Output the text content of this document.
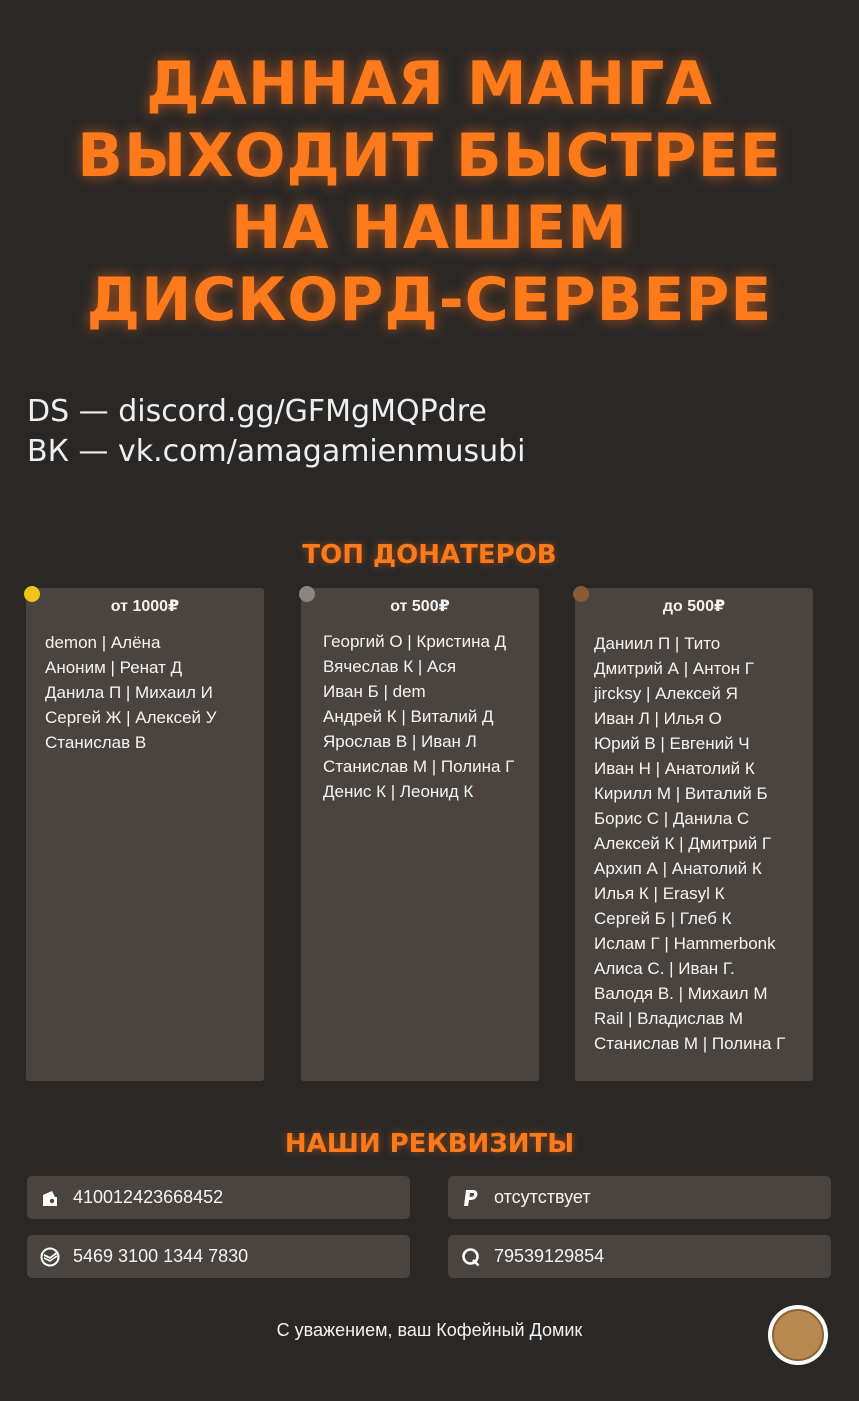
ДАННАЯ МАНГА
ВЫХОДИТ БЫСТРЕЕ
НА НАШЕМ
ДИСКОРД-СЕРВЕРЕ
DS — discord.gg/GFMgMQPdre
ВК — vk.com/amagamienmusubi
ТОП ДОНАТЕРОВ
от 1000₽
demon | Алёна
Аноним | Ренат Д
Данила П | Михаил И
Сергей Ж | Алексей У
Станислав В
от 500₽
Георгий О | Кристина Д
Вячеслав К | Ася
Иван Б | dem
Андрей К | Виталий Д
Ярослав В | Иван Л
Станислав М | Полина Г
Денис К | Леонид К
до 500₽
Даниил П | Тито
Дмитрий А | Антон Г
jircksy | Алексей Я
Иван Л | Илья О
Юрий В | Евгений Ч
Иван Н | Анатолий К
Кирилл М | Виталий Б
Борис С | Данила С
Алексей К | Дмитрий Г
Архип А | Анатолий К
Илья К | Erasyl К
Сергей Б | Глеб К
Ислам Г | Hammerbonk
Алиса С. | Иван Г.
Валодя В. | Михаил М
Rail | Владислав М
Станислав М | Полина Г
НАШИ РЕКВИЗИТЫ
410012423668452	отсутствует
5469 3100 1344 7830	79539129854
С уважением, ваш Кофейный Домик
